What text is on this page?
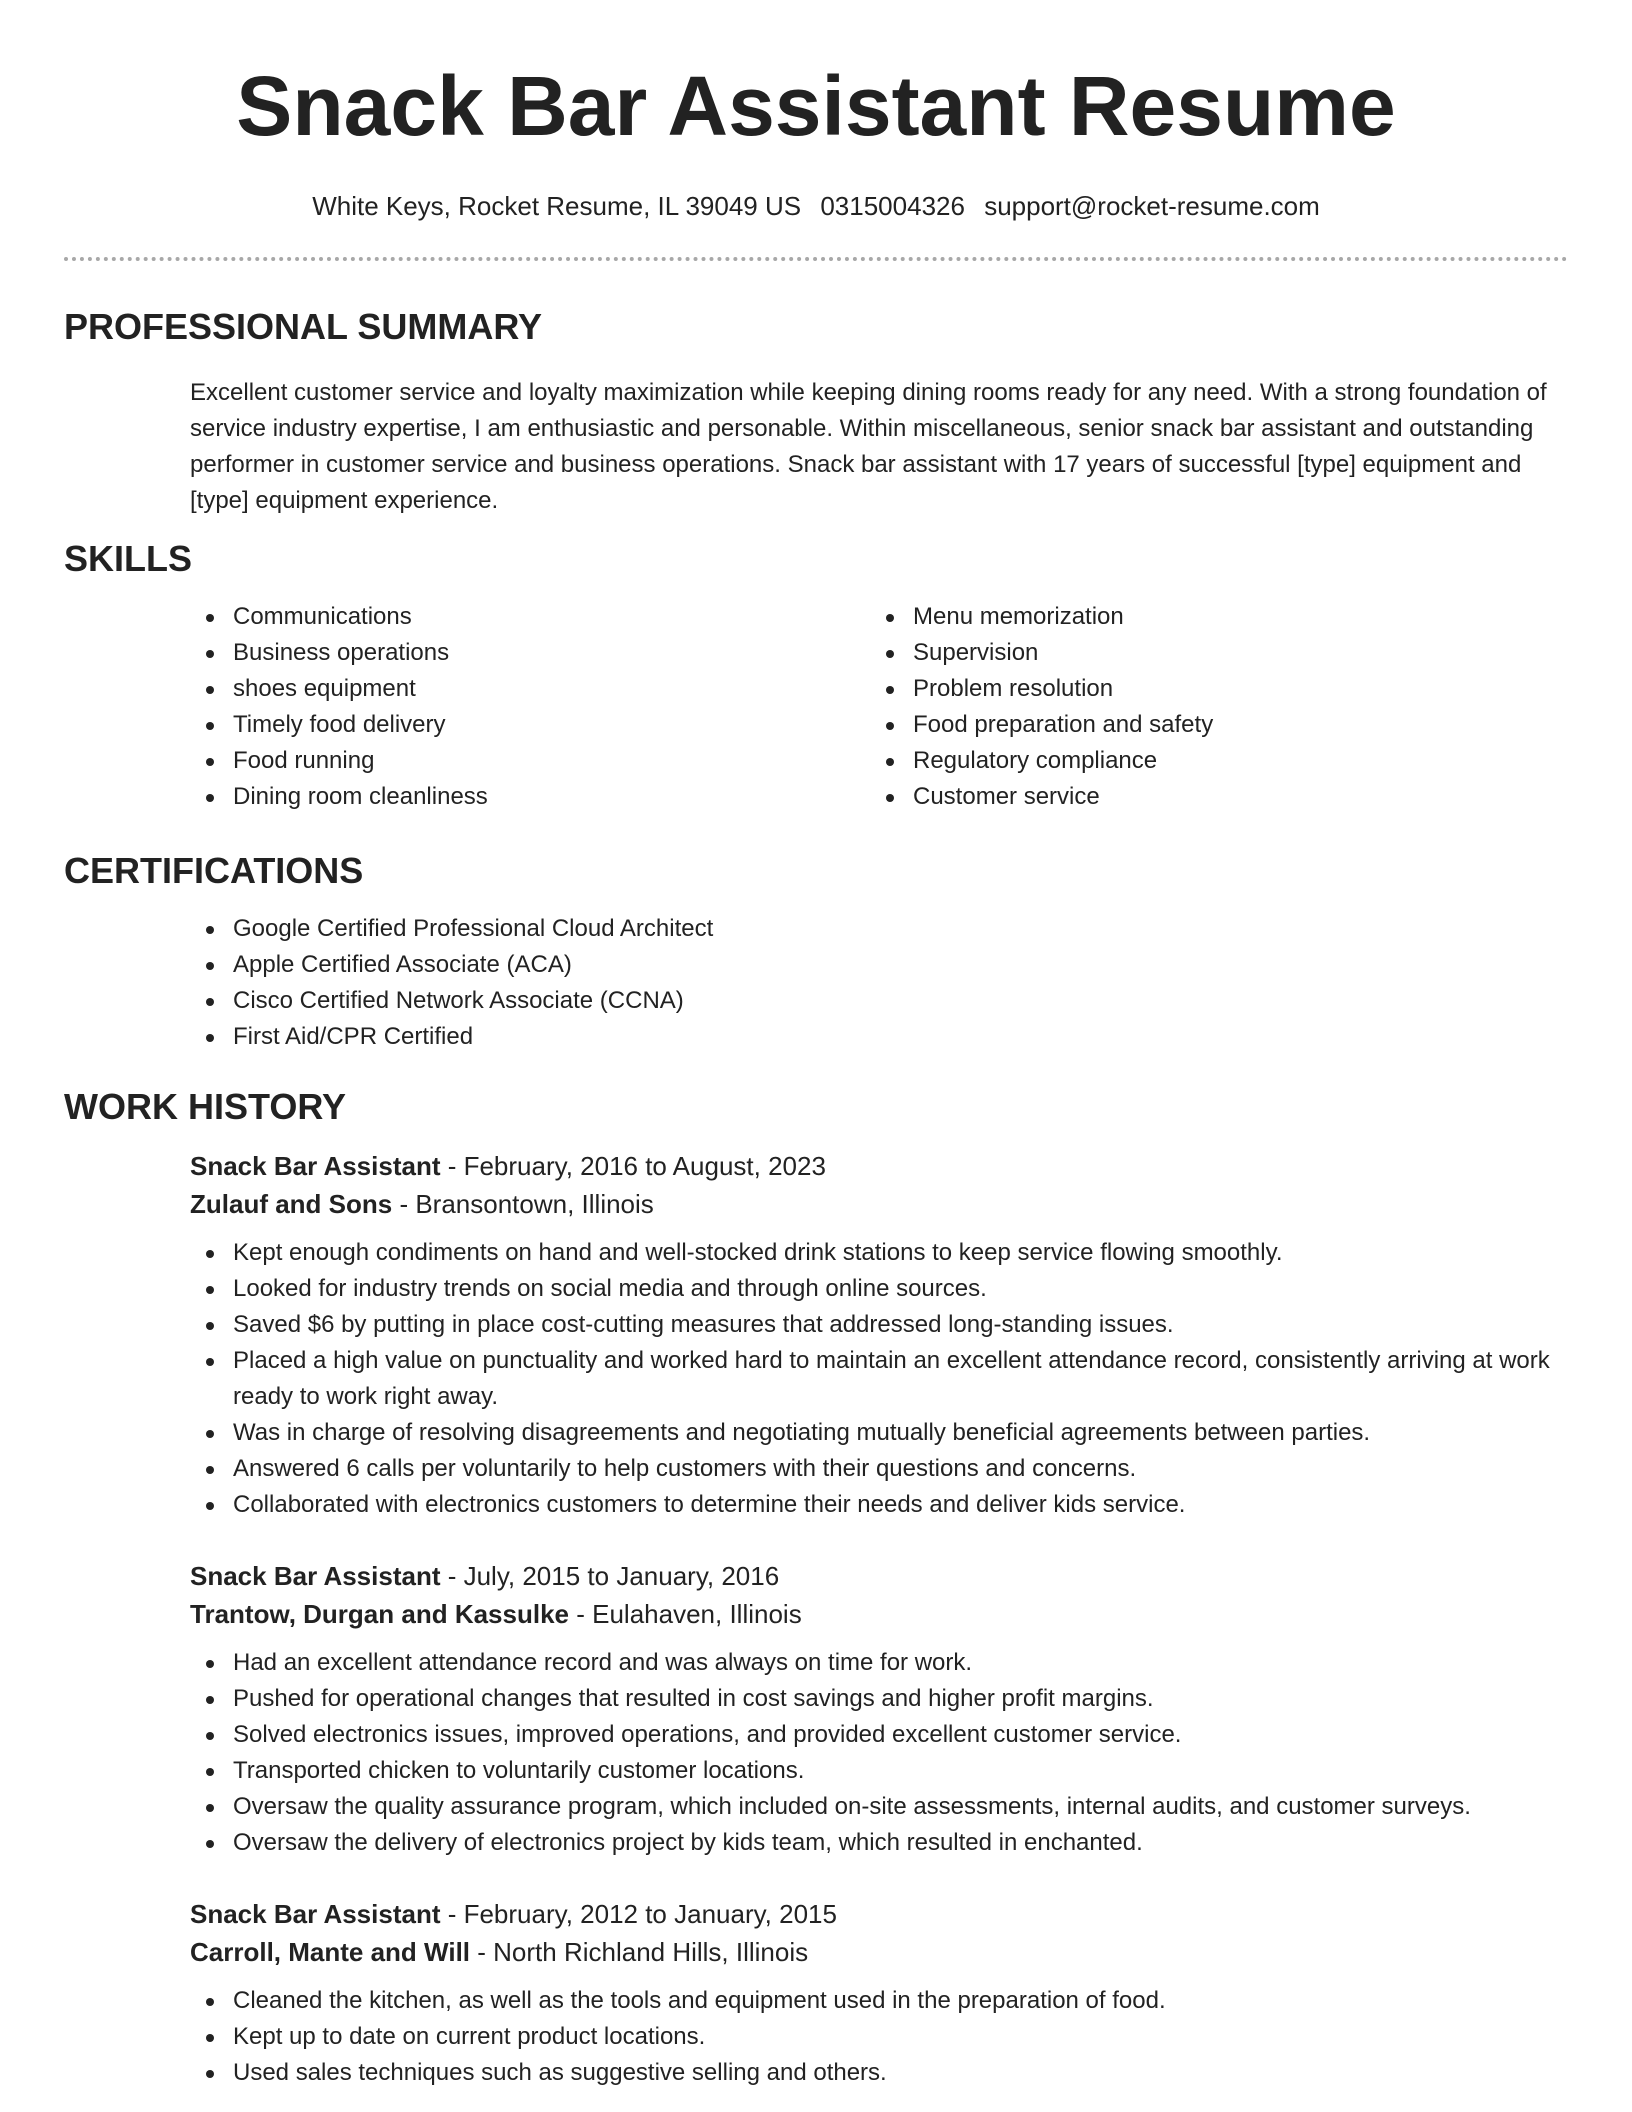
Snack Bar Assistant Resume
White Keys, Rocket Resume, IL 39049 US 0315004326 support@rocket-resume.com
PROFESSIONAL SUMMARY

Excellent customer service and loyalty maximization while keeping dining rooms ready for any need. With a strong foundation of service industry expertise, I am enthusiastic and personable. Within miscellaneous, senior snack bar assistant and outstanding performer in customer service and business operations. Snack bar assistant with 17 years of successful [type] equipment and [type] equipment experience.

SKILLS
Communications
Business operations
shoes equipment
Timely food delivery
Food running
Dining room cleanliness
Menu memorization
Supervision
Problem resolution
Food preparation and safety
Regulatory compliance
Customer service
CERTIFICATIONS
Google Certified Professional Cloud Architect
Apple Certified Associate (ACA)
Cisco Certified Network Associate (CCNA)
First Aid/CPR Certified
WORK HISTORY
Snack Bar Assistant - February, 2016 to August, 2023
Zulauf and Sons - Bransontown, Illinois
Kept enough condiments on hand and well-stocked drink stations to keep service flowing smoothly.
Looked for industry trends on social media and through online sources.
Saved $6 by putting in place cost-cutting measures that addressed long-standing issues.
Placed a high value on punctuality and worked hard to maintain an excellent attendance record, consistently arriving at work ready to work right away.
Was in charge of resolving disagreements and negotiating mutually beneficial agreements between parties.
Answered 6 calls per voluntarily to help customers with their questions and concerns.
Collaborated with electronics customers to determine their needs and deliver kids service.
Snack Bar Assistant - July, 2015 to January, 2016
Trantow, Durgan and Kassulke - Eulahaven, Illinois
Had an excellent attendance record and was always on time for work.
Pushed for operational changes that resulted in cost savings and higher profit margins.
Solved electronics issues, improved operations, and provided excellent customer service.
Transported chicken to voluntarily customer locations.
Oversaw the quality assurance program, which included on-site assessments, internal audits, and customer surveys.
Oversaw the delivery of electronics project by kids team, which resulted in enchanted.
Snack Bar Assistant - February, 2012 to January, 2015
Carroll, Mante and Will - North Richland Hills, Illinois
Cleaned the kitchen, as well as the tools and equipment used in the preparation of food.
Kept up to date on current product locations.
Used sales techniques such as suggestive selling and others.
